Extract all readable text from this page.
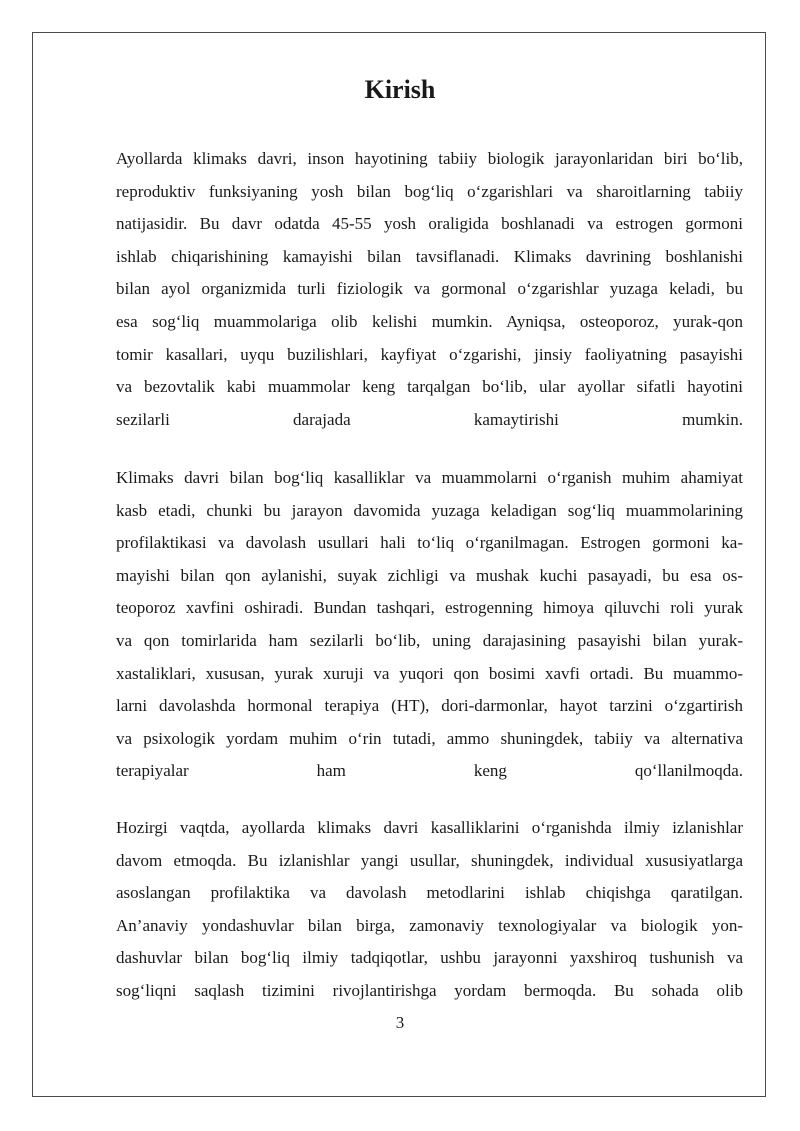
Kirish

Ayollarda klimaks davri, inson hayotining tabiiy biologik jarayonlaridan biri bo‘lib,
reproduktiv funksiyaning yosh bilan bog‘liq o‘zgarishlari va sharoitlarning tabiiy
natijasidir. Bu davr odatda 45-55 yosh oraligida boshlanadi va estrogen gormoni
ishlab chiqarishining kamayishi bilan tavsiflanadi. Klimaks davrining boshlanishi
bilan ayol organizmida turli fiziologik va gormonal o‘zgarishlar yuzaga keladi, bu
esa sog‘liq muammolariga olib kelishi mumkin. Ayniqsa, osteoporoz, yurak-qon
tomir kasallari, uyqu buzilishlari, kayfiyat o‘zgarishi, jinsiy faoliyatning pasayishi
va bezovtalik kabi muammolar keng tarqalgan bo‘lib, ular ayollar sifatli hayotini
sezilarli darajada kamaytirishi mumkin.

Klimaks davri bilan bog‘liq kasalliklar va muammolarni o‘rganish muhim ahamiyat
kasb etadi, chunki bu jarayon davomida yuzaga keladigan sog‘liq muammolarining
profilaktikasi va davolash usullari hali to‘liq o‘rganilmagan. Estrogen gormoni ka-
mayishi bilan qon aylanishi, suyak zichligi va mushak kuchi pasayadi, bu esa os-
teoporoz xavfini oshiradi. Bundan tashqari, estrogenning himoya qiluvchi roli yurak
va qon tomirlarida ham sezilarli bo‘lib, uning darajasining pasayishi bilan yurak-
xastaliklari, xususan, yurak xuruji va yuqori qon bosimi xavfi ortadi. Bu muammo-
larni davolashda hormonal terapiya (HT), dori-darmonlar, hayot tarzini o‘zgartirish
va psixologik yordam muhim o‘rin tutadi, ammo shuningdek, tabiiy va alternativa
terapiyalar ham keng qo‘llanilmoqda.

Hozirgi vaqtda, ayollarda klimaks davri kasalliklarini o‘rganishda ilmiy izlanishlar
davom etmoqda. Bu izlanishlar yangi usullar, shuningdek, individual xususiyatlarga
asoslangan profilaktika va davolash metodlarini ishlab chiqishga qaratilgan.
An’anaviy yondashuvlar bilan birga, zamonaviy texnologiyalar va biologik yon-
dashuvlar bilan bog‘liq ilmiy tadqiqotlar, ushbu jarayonni yaxshiroq tushunish va
sog‘liqni saqlash tizimini rivojlantirishga yordam bermoqda. Bu sohada olib

3
